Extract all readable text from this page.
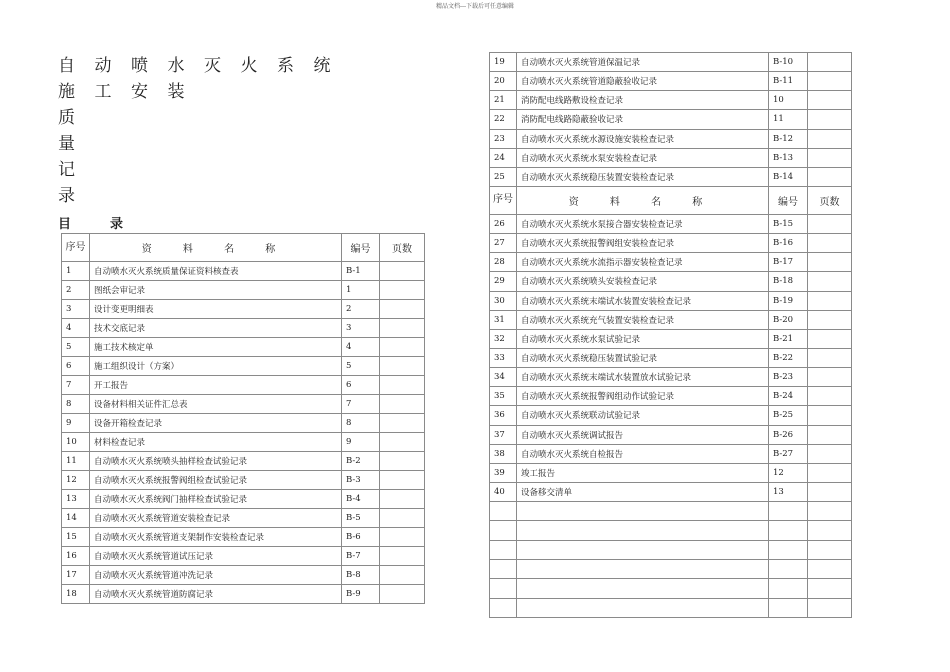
精品文档---下载后可任意编辑
自	动	喷	水	灭	火	系	统
施	工	安	装
质
量
记
录
目	录
序号	资 料 名 称	编号	页数
1	自动喷水灭火系统质量保证资料核查表	B-1	
2	图纸会审记录	1	
3	设计变更明细表	2	
4	技术交底记录	3	
5	施工技术核定单	4	
6	施工组织设计（方案）	5	
7	开工报告	6	
8	设备材料相关证件汇总表	7	
9	设备开箱检查记录	8	
10	材料检查记录	9	
11	自动喷水灭火系统喷头抽样检查试验记录	B-2	
12	自动喷水灭火系统报警阀组检查试验记录	B-3	
13	自动喷水灭火系统阀门抽样检查试验记录	B-4	
14	自动喷水灭火系统管道安装检查记录	B-5	
15	自动喷水灭火系统管道支架制作安装检查记录	B-6	
16	自动喷水灭火系统管道试压记录	B-7	
17	自动喷水灭火系统管道冲洗记录	B-8	
18	自动喷水灭火系统管道防腐记录	B-9	
19	自动喷水灭火系统管道保温记录	B-10	
20	自动喷水灭火系统管道隐蔽验收记录	B-11	
21	消防配电线路敷设检查记录	10	
22	消防配电线路隐蔽验收记录	11	
23	自动喷水灭火系统水源设施安装检查记录	B-12	
24	自动喷水灭火系统水泵安装检查记录	B-13	
25	自动喷水灭火系统稳压装置安装检查记录	B-14	
序号	资 料 名 称	编号	页数
26	自动喷水灭火系统水泵接合器安装检查记录	B-15	
27	自动喷水灭火系统报警阀组安装检查记录	B-16	
28	自动喷水灭火系统水流指示器安装检查记录	B-17	
29	自动喷水灭火系统喷头安装检查记录	B-18	
30	自动喷水灭火系统末端试水装置安装检查记录	B-19	
31	自动喷水灭火系统充气装置安装检查记录	B-20	
32	自动喷水灭火系统水泵试验记录	B-21	
33	自动喷水灭火系统稳压装置试验记录	B-22	
34	自动喷水灭火系统末端试水装置放水试验记录	B-23	
35	自动喷水灭火系统报警阀组动作试验记录	B-24	
36	自动喷水灭火系统联动试验记录	B-25	
37	自动喷水灭火系统调试报告	B-26	
38	自动喷水灭火系统自检报告	B-27	
39	竣工报告	12	
40	设备移交清单	13	
